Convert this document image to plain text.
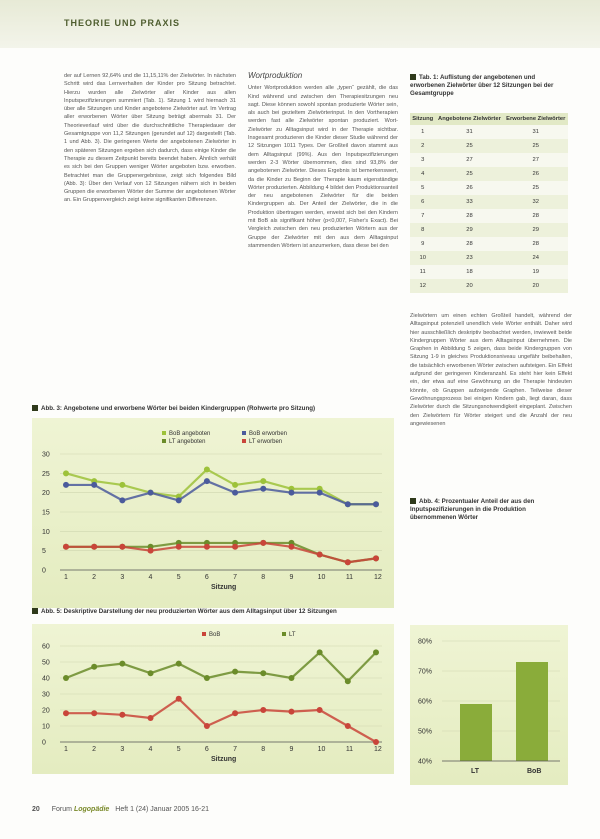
THEORIE UND PRAXIS

der auf Lernen 92,64% und die 11,15,11% der Zielwörter. In nächsten Schritt wird das Lernverhalten der Kinder pro Sitzung betrachtet. Hierzu wurden alle Zielwörter aller Kinder aus allen Inputspezifizierungen summiert (Tab. 1). Sitzung 1 wird hiernach 31 über alle Sitzungen und Kinder angebotene Zielwörter auf. Im Vertrag aller erworbenen Wörter über Sitzung beträgt abermals 31. Der Theorieverlauf wird über die durchschnittliche Therapiedauer der Gesamtgruppe von 11,2 Sitzungen (gerundet auf 12) dargestellt (Tab. 1 und Abb. 3). Die geringeren Werte der angebotenen Zielwörter in den späteren Sitzungen ergeben sich dadurch, dass einige Kinder die Therapie zu diesem Zeitpunkt bereits beendet haben. Ähnlich verhält es sich bei den Gruppen weniger Wörter angeboten bzw. erworben. Betrachtet man die Gruppenergebnisse, zeigt sich folgendes Bild (Abb. 3): Über den Verlauf von 12 Sitzungen nähern sich in beiden Gruppen die erworbenen Wörter der Summe der angebotenen Wörter an. Ein Gruppenvergleich zeigt keine signifikanten Differenzen.

Wortproduktion

Unter Wortproduktion werden alle „typen“ gezählt, die das Kind während und zwischen den Therapiesitzungen neu sagt. Diese können sowohl spontan produzierte Wörter sein, als auch bei gezieltem Zielwörterinput. In den Vortherapien werden fast alle Zielwörter spontan produziert. Wort-Zielwörter zu Alltagsinput wird in der Therapie sichtbar. Insgesamt produzieren die Kinder dieser Studie während der 12 Sitzungen 1011 Types. Der Großteil davon stammt aus dem Alltagsinput (99%). Aus den Inputspezifizierungen werden 2-3 Wörter übernommen, dies sind 93,8% der angebotenen Zielwörter. Dieses Ergebnis ist bemerkenswert, da die Kinder zu Beginn der Therapie kaum eigenständige Wörter produzierten. Abbildung 4 bildet den Produktionsanteil der neu angebotenen Zielwörter für die beiden Kindergruppen ab. Der Anteil der Zielwörter, die in die Produktion übertragen werden, erweist sich bei den Kindern mit BoB als signifikant höher (p<0,007, Fisher's Exact). Bei Vergleich zwischen den neu produzierten Wörtern aus der Gruppe der Zielwörter mit den aus dem Alltagsinput stammenden Wörtern ist anzumerken, dass diese bei den

Tab. 1: Auflistung der angebotenen und erworbenen Zielwörter über 12 Sitzungen bei der Gesamtgruppe
Sitzung	Angebotene Zielwörter	Erworbene Zielwörter
1	31	31
2	25	25
3	27	27
4	25	26
5	26	25
6	33	32
7	28	28
8	29	29
9	28	28
10	23	24
11	18	19
12	20	20

Zielwörtern um einen echten Großteil handelt, während der Alltagsinput potenziell unendlich viele Wörter enthält. Daher wird hier ausschließlich deskriptiv beobachtet werden, inwieweit beide Kindergruppen Wörter aus dem Alltagsinput übernehmen. Die Graphen in Abbildung 5 zeigen, dass beide Kindergruppen von Sitzung 1-9 in gleiches Produktionsniveau ungefähr beibehalten, die tatsächlich erworbenen Wörter zwischen aufsteigen. Ein Effekt aufgrund der geringeren Kinderanzahl. Es steht hier kein Effekt ein, der etwa auf eine Gewöhnung an die Therapie hindeuten könnte, ob Gruppen aufzeigende Graphen. Teilweise dieser Gewöhnungsprozess bei einigen Kindern gab, liegt daran, dass Zielwörter durch die Sitzungsnotwendigkeit eingeplant. Zwischen den Zielwörtern für Wörter steigert und die Anzahl der neu angewiesenen

Abb. 3: Angebotene und erworbene Wörter bei beiden Kindergruppen (Rohwerte pro Sitzung)
0
5
10
15
20
25
30
1	2	3	4	5	6	7	8	9	10	11	12
Sitzung
BoB angeboten	BoB erworben
LT angeboten	LT erworben
Abb. 5: Deskriptive Darstellung der neu produzierten Wörter aus dem Alltagsinput über 12 Sitzungen
0
10
20
30
40
50
60
1	2	3	4	5	6	7	8	9	10	11	12
Sitzung
BoB	LT
Abb. 4: Prozentualer Anteil der aus den Inputspezifizierungen in die Produktion übernommenen Wörter
40%
50%
60%
70%
80%
LT	BoB
20 Forum Logopädie Heft 1 (24) Januar 2005 16-21
